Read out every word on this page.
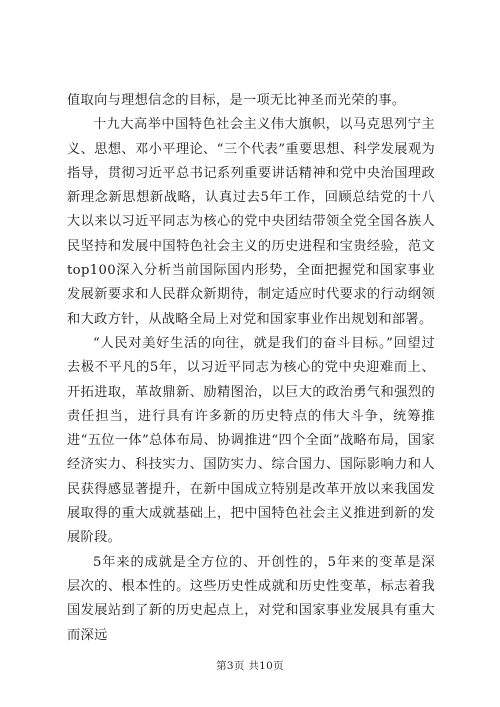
值取向与理想信念的目标，是一项无比神圣而光荣的事。

十九大高举中国特色社会主义伟大旗帜，以马克思列宁主义、思想、邓小平理论、“三个代表”重要思想、科学发展观为指导，贯彻习近平总书记系列重要讲话精神和党中央治国理政新理念新思想新战略，认真过去5年工作，回顾总结党的十八大以来以习近平同志为核心的党中央团结带领全党全国各族人民坚持和发展中国特色社会主义的历史进程和宝贵经验，范文top100深入分析当前国际国内形势，全面把握党和国家事业发展新要求和人民群众新期待，制定适应时代要求的行动纲领和大政方针，从战略全局上对党和国家事业作出规划和部署。

“人民对美好生活的向往，就是我们的奋斗目标。”回望过去极不平凡的5年，以习近平同志为核心的党中央迎难而上、开拓进取，革故鼎新、励精图治，以巨大的政治勇气和强烈的责任担当，进行具有许多新的历史特点的伟大斗争，统筹推进“五位一体”总体布局、协调推进“四个全面”战略布局，国家经济实力、科技实力、国防实力、综合国力、国际影响力和人民获得感显著提升，在新中国成立特别是改革开放以来我国发展取得的重大成就基础上，把中国特色社会主义推进到新的发展阶段。

5年来的成就是全方位的、开创性的，5年来的变革是深层次的、根本性的。这些历史性成就和历史性变革，标志着我国发展站到了新的历史起点上，对党和国家事业发展具有重大而深远

第3页 共10页
